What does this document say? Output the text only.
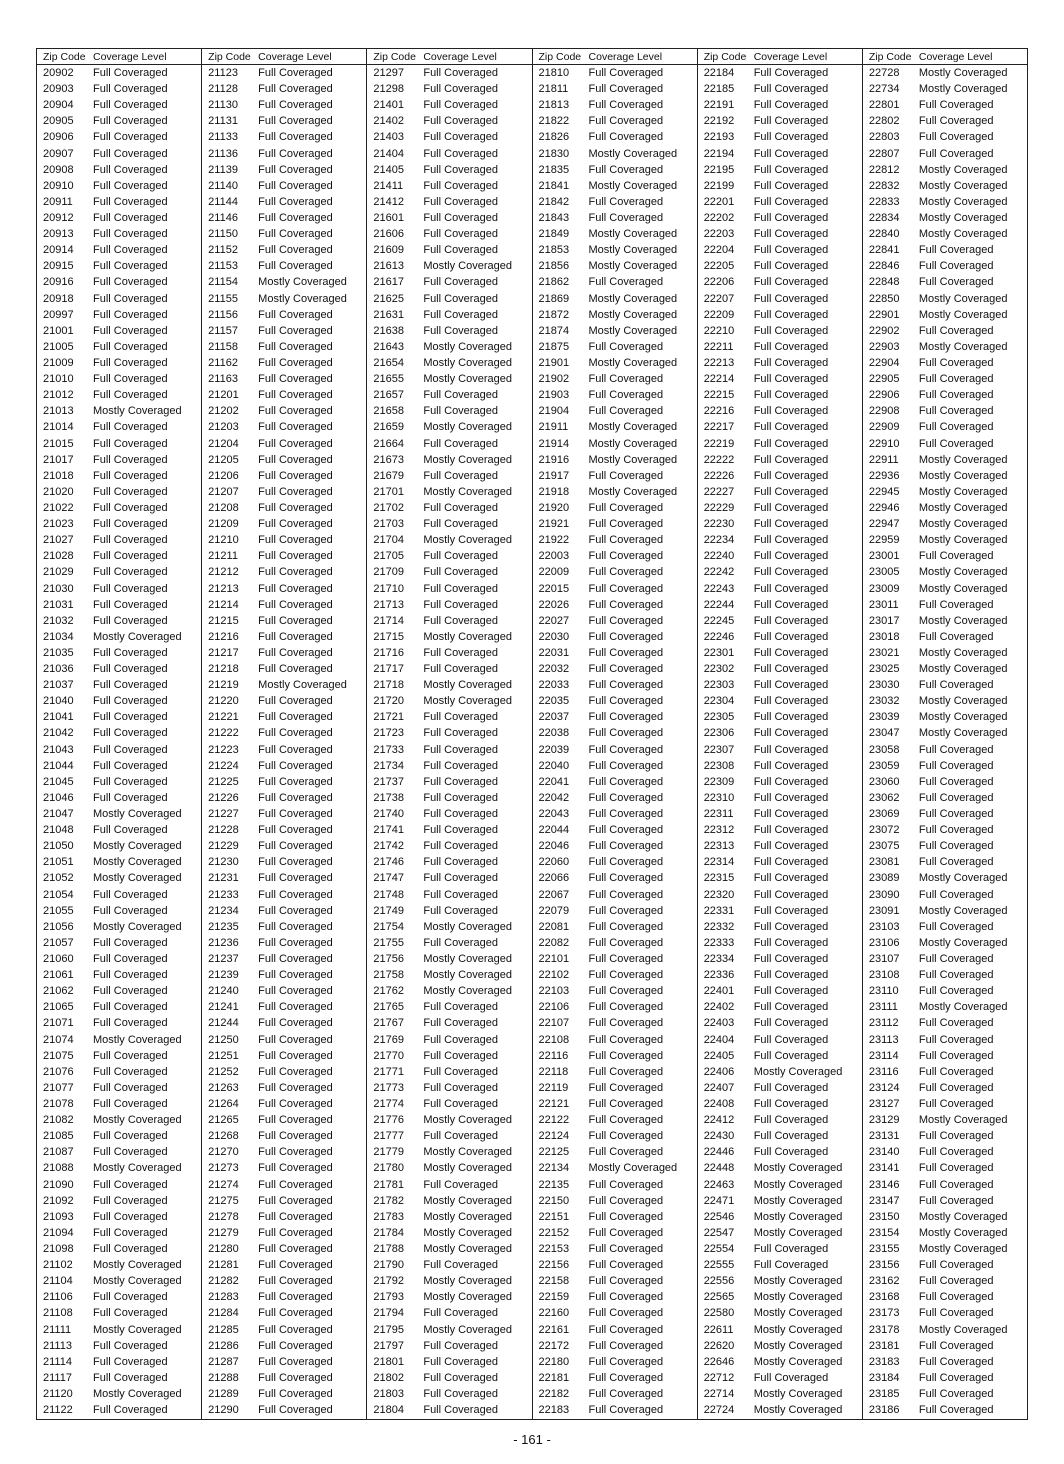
Zip Code Coverage Level
20902	Full Coveraged
20903	Full Coveraged
20904	Full Coveraged
20905	Full Coveraged
20906	Full Coveraged
20907	Full Coveraged
20908	Full Coveraged
20910	Full Coveraged
20911	Full Coveraged
20912	Full Coveraged
20913	Full Coveraged
20914	Full Coveraged
20915	Full Coveraged
20916	Full Coveraged
20918	Full Coveraged
20997	Full Coveraged
21001	Full Coveraged
21005	Full Coveraged
21009	Full Coveraged
21010	Full Coveraged
21012	Full Coveraged
21013	Mostly Coveraged
21014	Full Coveraged
21015	Full Coveraged
21017	Full Coveraged
21018	Full Coveraged
21020	Full Coveraged
21022	Full Coveraged
21023	Full Coveraged
21027	Full Coveraged
21028	Full Coveraged
21029	Full Coveraged
21030	Full Coveraged
21031	Full Coveraged
21032	Full Coveraged
21034	Mostly Coveraged
21035	Full Coveraged
21036	Full Coveraged
21037	Full Coveraged
21040	Full Coveraged
21041	Full Coveraged
21042	Full Coveraged
21043	Full Coveraged
21044	Full Coveraged
21045	Full Coveraged
21046	Full Coveraged
21047	Mostly Coveraged
21048	Full Coveraged
21050	Mostly Coveraged
21051	Mostly Coveraged
21052	Mostly Coveraged
21054	Full Coveraged
21055	Full Coveraged
21056	Mostly Coveraged
21057	Full Coveraged
21060	Full Coveraged
21061	Full Coveraged
21062	Full Coveraged
21065	Full Coveraged
21071	Full Coveraged
21074	Mostly Coveraged
21075	Full Coveraged
21076	Full Coveraged
21077	Full Coveraged
21078	Full Coveraged
21082	Mostly Coveraged
21085	Full Coveraged
21087	Full Coveraged
21088	Mostly Coveraged
21090	Full Coveraged
21092	Full Coveraged
21093	Full Coveraged
21094	Full Coveraged
21098	Full Coveraged
21102	Mostly Coveraged
21104	Mostly Coveraged
21106	Full Coveraged
21108	Full Coveraged
21111	Mostly Coveraged
21113	Full Coveraged
21114	Full Coveraged
21117	Full Coveraged
21120	Mostly Coveraged
21122	Full Coveraged
Zip Code Coverage Level
21123	Full Coveraged
21128	Full Coveraged
21130	Full Coveraged
21131	Full Coveraged
21133	Full Coveraged
21136	Full Coveraged
21139	Full Coveraged
21140	Full Coveraged
21144	Full Coveraged
21146	Full Coveraged
21150	Full Coveraged
21152	Full Coveraged
21153	Full Coveraged
21154	Mostly Coveraged
21155	Mostly Coveraged
21156	Full Coveraged
21157	Full Coveraged
21158	Full Coveraged
21162	Full Coveraged
21163	Full Coveraged
21201	Full Coveraged
21202	Full Coveraged
21203	Full Coveraged
21204	Full Coveraged
21205	Full Coveraged
21206	Full Coveraged
21207	Full Coveraged
21208	Full Coveraged
21209	Full Coveraged
21210	Full Coveraged
21211	Full Coveraged
21212	Full Coveraged
21213	Full Coveraged
21214	Full Coveraged
21215	Full Coveraged
21216	Full Coveraged
21217	Full Coveraged
21218	Full Coveraged
21219	Mostly Coveraged
21220	Full Coveraged
21221	Full Coveraged
21222	Full Coveraged
21223	Full Coveraged
21224	Full Coveraged
21225	Full Coveraged
21226	Full Coveraged
21227	Full Coveraged
21228	Full Coveraged
21229	Full Coveraged
21230	Full Coveraged
21231	Full Coveraged
21233	Full Coveraged
21234	Full Coveraged
21235	Full Coveraged
21236	Full Coveraged
21237	Full Coveraged
21239	Full Coveraged
21240	Full Coveraged
21241	Full Coveraged
21244	Full Coveraged
21250	Full Coveraged
21251	Full Coveraged
21252	Full Coveraged
21263	Full Coveraged
21264	Full Coveraged
21265	Full Coveraged
21268	Full Coveraged
21270	Full Coveraged
21273	Full Coveraged
21274	Full Coveraged
21275	Full Coveraged
21278	Full Coveraged
21279	Full Coveraged
21280	Full Coveraged
21281	Full Coveraged
21282	Full Coveraged
21283	Full Coveraged
21284	Full Coveraged
21285	Full Coveraged
21286	Full Coveraged
21287	Full Coveraged
21288	Full Coveraged
21289	Full Coveraged
21290	Full Coveraged
Zip Code Coverage Level
21297	Full Coveraged
21298	Full Coveraged
21401	Full Coveraged
21402	Full Coveraged
21403	Full Coveraged
21404	Full Coveraged
21405	Full Coveraged
21411	Full Coveraged
21412	Full Coveraged
21601	Full Coveraged
21606	Full Coveraged
21609	Full Coveraged
21613	Mostly Coveraged
21617	Full Coveraged
21625	Full Coveraged
21631	Full Coveraged
21638	Full Coveraged
21643	Mostly Coveraged
21654	Mostly Coveraged
21655	Mostly Coveraged
21657	Full Coveraged
21658	Full Coveraged
21659	Mostly Coveraged
21664	Full Coveraged
21673	Mostly Coveraged
21679	Full Coveraged
21701	Mostly Coveraged
21702	Full Coveraged
21703	Full Coveraged
21704	Mostly Coveraged
21705	Full Coveraged
21709	Full Coveraged
21710	Full Coveraged
21713	Full Coveraged
21714	Full Coveraged
21715	Mostly Coveraged
21716	Full Coveraged
21717	Full Coveraged
21718	Mostly Coveraged
21720	Mostly Coveraged
21721	Full Coveraged
21723	Full Coveraged
21733	Full Coveraged
21734	Full Coveraged
21737	Full Coveraged
21738	Full Coveraged
21740	Full Coveraged
21741	Full Coveraged
21742	Full Coveraged
21746	Full Coveraged
21747	Full Coveraged
21748	Full Coveraged
21749	Full Coveraged
21754	Mostly Coveraged
21755	Full Coveraged
21756	Mostly Coveraged
21758	Mostly Coveraged
21762	Mostly Coveraged
21765	Full Coveraged
21767	Full Coveraged
21769	Full Coveraged
21770	Full Coveraged
21771	Full Coveraged
21773	Full Coveraged
21774	Full Coveraged
21776	Mostly Coveraged
21777	Full Coveraged
21779	Mostly Coveraged
21780	Mostly Coveraged
21781	Full Coveraged
21782	Mostly Coveraged
21783	Mostly Coveraged
21784	Mostly Coveraged
21788	Mostly Coveraged
21790	Full Coveraged
21792	Mostly Coveraged
21793	Mostly Coveraged
21794	Full Coveraged
21795	Mostly Coveraged
21797	Full Coveraged
21801	Full Coveraged
21802	Full Coveraged
21803	Full Coveraged
21804	Full Coveraged
Zip Code Coverage Level
21810	Full Coveraged
21811	Full Coveraged
21813	Full Coveraged
21822	Full Coveraged
21826	Full Coveraged
21830	Mostly Coveraged
21835	Full Coveraged
21841	Mostly Coveraged
21842	Full Coveraged
21843	Full Coveraged
21849	Mostly Coveraged
21853	Mostly Coveraged
21856	Mostly Coveraged
21862	Full Coveraged
21869	Mostly Coveraged
21872	Mostly Coveraged
21874	Mostly Coveraged
21875	Full Coveraged
21901	Mostly Coveraged
21902	Full Coveraged
21903	Full Coveraged
21904	Full Coveraged
21911	Mostly Coveraged
21914	Mostly Coveraged
21916	Mostly Coveraged
21917	Full Coveraged
21918	Mostly Coveraged
21920	Full Coveraged
21921	Full Coveraged
21922	Full Coveraged
22003	Full Coveraged
22009	Full Coveraged
22015	Full Coveraged
22026	Full Coveraged
22027	Full Coveraged
22030	Full Coveraged
22031	Full Coveraged
22032	Full Coveraged
22033	Full Coveraged
22035	Full Coveraged
22037	Full Coveraged
22038	Full Coveraged
22039	Full Coveraged
22040	Full Coveraged
22041	Full Coveraged
22042	Full Coveraged
22043	Full Coveraged
22044	Full Coveraged
22046	Full Coveraged
22060	Full Coveraged
22066	Full Coveraged
22067	Full Coveraged
22079	Full Coveraged
22081	Full Coveraged
22082	Full Coveraged
22101	Full Coveraged
22102	Full Coveraged
22103	Full Coveraged
22106	Full Coveraged
22107	Full Coveraged
22108	Full Coveraged
22116	Full Coveraged
22118	Full Coveraged
22119	Full Coveraged
22121	Full Coveraged
22122	Full Coveraged
22124	Full Coveraged
22125	Full Coveraged
22134	Mostly Coveraged
22135	Full Coveraged
22150	Full Coveraged
22151	Full Coveraged
22152	Full Coveraged
22153	Full Coveraged
22156	Full Coveraged
22158	Full Coveraged
22159	Full Coveraged
22160	Full Coveraged
22161	Full Coveraged
22172	Full Coveraged
22180	Full Coveraged
22181	Full Coveraged
22182	Full Coveraged
22183	Full Coveraged
Zip Code Coverage Level
22184	Full Coveraged
22185	Full Coveraged
22191	Full Coveraged
22192	Full Coveraged
22193	Full Coveraged
22194	Full Coveraged
22195	Full Coveraged
22199	Full Coveraged
22201	Full Coveraged
22202	Full Coveraged
22203	Full Coveraged
22204	Full Coveraged
22205	Full Coveraged
22206	Full Coveraged
22207	Full Coveraged
22209	Full Coveraged
22210	Full Coveraged
22211	Full Coveraged
22213	Full Coveraged
22214	Full Coveraged
22215	Full Coveraged
22216	Full Coveraged
22217	Full Coveraged
22219	Full Coveraged
22222	Full Coveraged
22226	Full Coveraged
22227	Full Coveraged
22229	Full Coveraged
22230	Full Coveraged
22234	Full Coveraged
22240	Full Coveraged
22242	Full Coveraged
22243	Full Coveraged
22244	Full Coveraged
22245	Full Coveraged
22246	Full Coveraged
22301	Full Coveraged
22302	Full Coveraged
22303	Full Coveraged
22304	Full Coveraged
22305	Full Coveraged
22306	Full Coveraged
22307	Full Coveraged
22308	Full Coveraged
22309	Full Coveraged
22310	Full Coveraged
22311	Full Coveraged
22312	Full Coveraged
22313	Full Coveraged
22314	Full Coveraged
22315	Full Coveraged
22320	Full Coveraged
22331	Full Coveraged
22332	Full Coveraged
22333	Full Coveraged
22334	Full Coveraged
22336	Full Coveraged
22401	Full Coveraged
22402	Full Coveraged
22403	Full Coveraged
22404	Full Coveraged
22405	Full Coveraged
22406	Mostly Coveraged
22407	Full Coveraged
22408	Full Coveraged
22412	Full Coveraged
22430	Full Coveraged
22446	Full Coveraged
22448	Mostly Coveraged
22463	Mostly Coveraged
22471	Mostly Coveraged
22546	Mostly Coveraged
22547	Mostly Coveraged
22554	Full Coveraged
22555	Full Coveraged
22556	Mostly Coveraged
22565	Mostly Coveraged
22580	Mostly Coveraged
22611	Mostly Coveraged
22620	Mostly Coveraged
22646	Mostly Coveraged
22712	Full Coveraged
22714	Mostly Coveraged
22724	Mostly Coveraged
Zip Code Coverage Level
22728	Mostly Coveraged
22734	Mostly Coveraged
22801	Full Coveraged
22802	Full Coveraged
22803	Full Coveraged
22807	Full Coveraged
22812	Mostly Coveraged
22832	Mostly Coveraged
22833	Mostly Coveraged
22834	Mostly Coveraged
22840	Mostly Coveraged
22841	Full Coveraged
22846	Full Coveraged
22848	Full Coveraged
22850	Mostly Coveraged
22901	Mostly Coveraged
22902	Full Coveraged
22903	Mostly Coveraged
22904	Full Coveraged
22905	Full Coveraged
22906	Full Coveraged
22908	Full Coveraged
22909	Full Coveraged
22910	Full Coveraged
22911	Mostly Coveraged
22936	Mostly Coveraged
22945	Mostly Coveraged
22946	Mostly Coveraged
22947	Mostly Coveraged
22959	Mostly Coveraged
23001	Full Coveraged
23005	Mostly Coveraged
23009	Mostly Coveraged
23011	Full Coveraged
23017	Mostly Coveraged
23018	Full Coveraged
23021	Mostly Coveraged
23025	Mostly Coveraged
23030	Full Coveraged
23032	Mostly Coveraged
23039	Mostly Coveraged
23047	Mostly Coveraged
23058	Full Coveraged
23059	Full Coveraged
23060	Full Coveraged
23062	Full Coveraged
23069	Full Coveraged
23072	Full Coveraged
23075	Full Coveraged
23081	Full Coveraged
23089	Mostly Coveraged
23090	Full Coveraged
23091	Mostly Coveraged
23103	Full Coveraged
23106	Mostly Coveraged
23107	Full Coveraged
23108	Full Coveraged
23110	Full Coveraged
23111	Mostly Coveraged
23112	Full Coveraged
23113	Full Coveraged
23114	Full Coveraged
23116	Full Coveraged
23124	Full Coveraged
23127	Full Coveraged
23129	Mostly Coveraged
23131	Full Coveraged
23140	Full Coveraged
23141	Full Coveraged
23146	Full Coveraged
23147	Full Coveraged
23150	Mostly Coveraged
23154	Mostly Coveraged
23155	Mostly Coveraged
23156	Full Coveraged
23162	Full Coveraged
23168	Full Coveraged
23173	Full Coveraged
23178	Mostly Coveraged
23181	Full Coveraged
23183	Full Coveraged
23184	Full Coveraged
23185	Full Coveraged
23186	Full Coveraged
- 161 -
